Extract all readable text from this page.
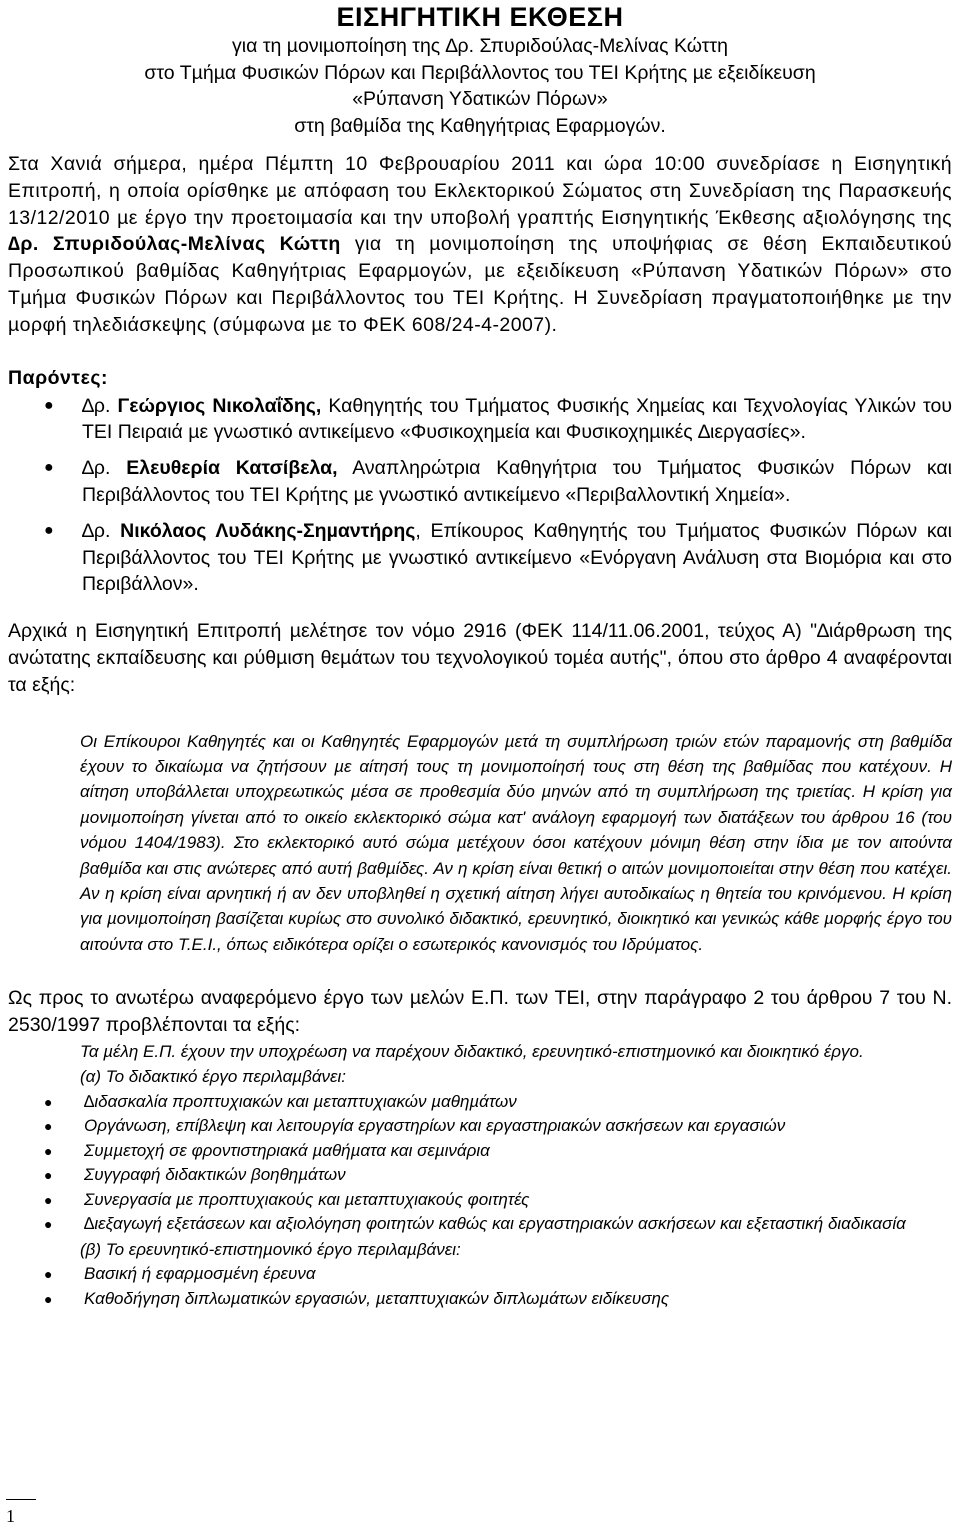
ΕΙΣΗΓΗΤΙΚΗ ΕΚΘΕΣΗ
για τη µονιµοποίηση της ∆ρ. Σπυριδούλας-Μελίνας Κώττη
στο Τµήµα Φυσικών Πόρων και Περιβάλλοντος του ΤΕΙ Κρήτης µε εξειδίκευση
«Ρύπανση Υδατικών Πόρων»
στη βαθµίδα της Καθηγήτριας Εφαρµογών.

Στα Χανιά σήµερα, ηµέρα Πέµπτη 10 Φεβρουαρίου 2011 και ώρα 10:00 συνεδρίασε η Εισηγητική Επιτροπή, η οποία ορίσθηκε µε απόφαση του Εκλεκτορικού Σώµατος στη Συνεδρίαση της Παρασκευής 13/12/2010 µε έργο την προετοιµασία και την υποβολή γραπτής Εισηγητικής Έκθεσης αξιολόγησης της ∆ρ. Σπυριδούλας-Μελίνας Κώττη για τη µονιµοποίηση της υποψήφιας σε θέση Εκπαιδευτικού Προσωπικού βαθµίδας Καθηγήτριας Εφαρµογών, µε εξειδίκευση «Ρύπανση Υδατικών Πόρων» στο Τµήµα Φυσικών Πόρων και Περιβάλλοντος του ΤΕΙ Κρήτης. Η Συνεδρίαση πραγµατοποιήθηκε µε την µορφή τηλεδιάσκεψης (σύµφωνα µε το ΦΕΚ 608/24-4-2007).

Παρόντες:
● ∆ρ. Γεώργιος Νικολαΐδης, Καθηγητής του Τµήµατος Φυσικής Χηµείας και Τεχνολογίας Υλικών του ΤΕΙ Πειραιά µε γνωστικό αντικείµενο «Φυσικοχηµεία και Φυσικοχηµικές ∆ιεργασίες».
● ∆ρ. Ελευθερία Κατσίβελα, Αναπληρώτρια Καθηγήτρια του Τµήµατος Φυσικών Πόρων και Περιβάλλοντος του ΤΕΙ Κρήτης µε γνωστικό αντικείµενο «Περιβαλλοντική Χηµεία».
● ∆ρ. Νικόλαος Λυδάκης-Σηµαντήρης, Επίκουρος Καθηγητής του Τµήµατος Φυσικών Πόρων και Περιβάλλοντος του ΤΕΙ Κρήτης µε γνωστικό αντικείµενο «Ενόργανη Ανάλυση στα Βιοµόρια και στο Περιβάλλον».

Αρχικά η Εισηγητική Επιτροπή µελέτησε τον νόµο 2916 (ΦΕΚ 114/11.06.2001, τεύχος Α) "∆ιάρθρωση της ανώτατης εκπαίδευσης και ρύθµιση θεµάτων του τεχνολογικού τοµέα αυτής", όπου στο άρθρο 4 αναφέρονται τα εξής:

Οι Επίκουροι Καθηγητές και οι Καθηγητές Εφαρµογών µετά τη συµπλήρωση τριών ετών παραµονής στη βαθµίδα έχουν το δικαίωµα να ζητήσουν µε αίτησή τους τη µονιµοποίησή τους στη θέση της βαθµίδας που κατέχουν. Η αίτηση υποβάλλεται υποχρεωτικώς µέσα σε προθεσµία δύο µηνών από τη συµπλήρωση της τριετίας. Η κρίση για µονιµοποίηση γίνεται από το οικείο εκλεκτορικό σώµα κατ' ανάλογη εφαρµογή των διατάξεων του άρθρου 16 (του νόµου 1404/1983). Στο εκλεκτορικό αυτό σώµα µετέχουν όσοι κατέχουν µόνιµη θέση στην ίδια µε τον αιτούντα βαθµίδα και στις ανώτερες από αυτή βαθµίδες. Αν η κρίση είναι θετική ο αιτών µονιµοποιείται στην θέση που κατέχει. Αν η κρίση είναι αρνητική ή αν δεν υποβληθεί η σχετική αίτηση λήγει αυτοδικαίως η θητεία του κρινόµενου. Η κρίση για µονιµοποίηση βασίζεται κυρίως στο συνολικό διδακτικό, ερευνητικό, διοικητικό και γενικώς κάθε µορφής έργο του αιτούντα στο Τ.Ε.Ι., όπως ειδικότερα ορίζει ο εσωτερικός κανονισµός του Ιδρύµατος.

Ως προς το ανωτέρω αναφερόµενο έργο των µελών Ε.Π. των ΤΕΙ, στην παράγραφο 2 του άρθρου 7 του Ν. 2530/1997 προβλέπονται τα εξής:

Τα µέλη Ε.Π. έχουν την υποχρέωση να παρέχουν διδακτικό, ερευνητικό-επιστηµονικό και διοικητικό έργο.

(α) Το διδακτικό έργο περιλαµβάνει:

● ∆ιδασκαλία προπτυχιακών και µεταπτυχιακών µαθηµάτων
● Οργάνωση, επίβλεψη και λειτουργία εργαστηρίων και εργαστηριακών ασκήσεων και εργασιών
● Συµµετοχή σε φροντιστηριακά µαθήµατα και σεµινάρια
● Συγγραφή διδακτικών βοηθηµάτων
● Συνεργασία µε προπτυχιακούς και µεταπτυχιακούς φοιτητές
● ∆ιεξαγωγή εξετάσεων και αξιολόγηση φοιτητών καθώς και εργαστηριακών ασκήσεων και εξεταστική διαδικασία

(β) Το ερευνητικό-επιστηµονικό έργο περιλαµβάνει:

● Βασική ή εφαρµοσµένη έρευνα
● Καθοδήγηση διπλωµατικών εργασιών, µεταπτυχιακών διπλωµάτων ειδίκευσης
1
